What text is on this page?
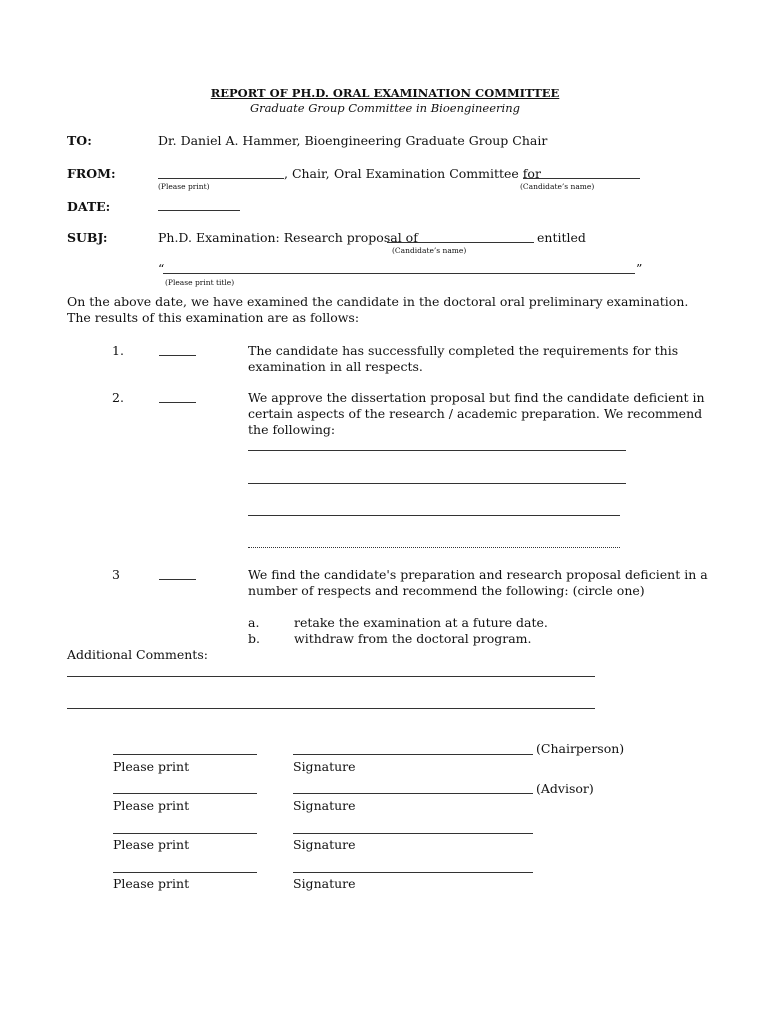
REPORT OF PH.D. ORAL EXAMINATION COMMITTEE
Graduate Group Committee in Bioengineering
TO:	Dr. Daniel A. Hammer, Bioengineering Graduate Group Chair
FROM:	, Chair, Oral Examination Committee for
(Please print)	(Candidate’s name)
DATE:
SUBJ:	Ph.D. Examination: Research proposal of	entitled
(Candidate’s name)
“	”
(Please print title)
On the above date, we have examined the candidate in the doctoral oral preliminary examination. The results of this examination are as follows:
1.	The candidate has successfully completed the requirements for this examination in all respects.
2.	We approve the dissertation proposal but find the candidate deficient in certain aspects of the research / academic preparation. We recommend the following:
3	We find the candidate's preparation and research proposal deficient in a number of respects and recommend the following: (circle one)
a.	retake the examination at a future date.
b.	withdraw from the doctoral program.
Additional Comments:
(Chairperson)
Please print	Signature
(Advisor)
Please print	Signature
Please print	Signature
Please print	Signature
